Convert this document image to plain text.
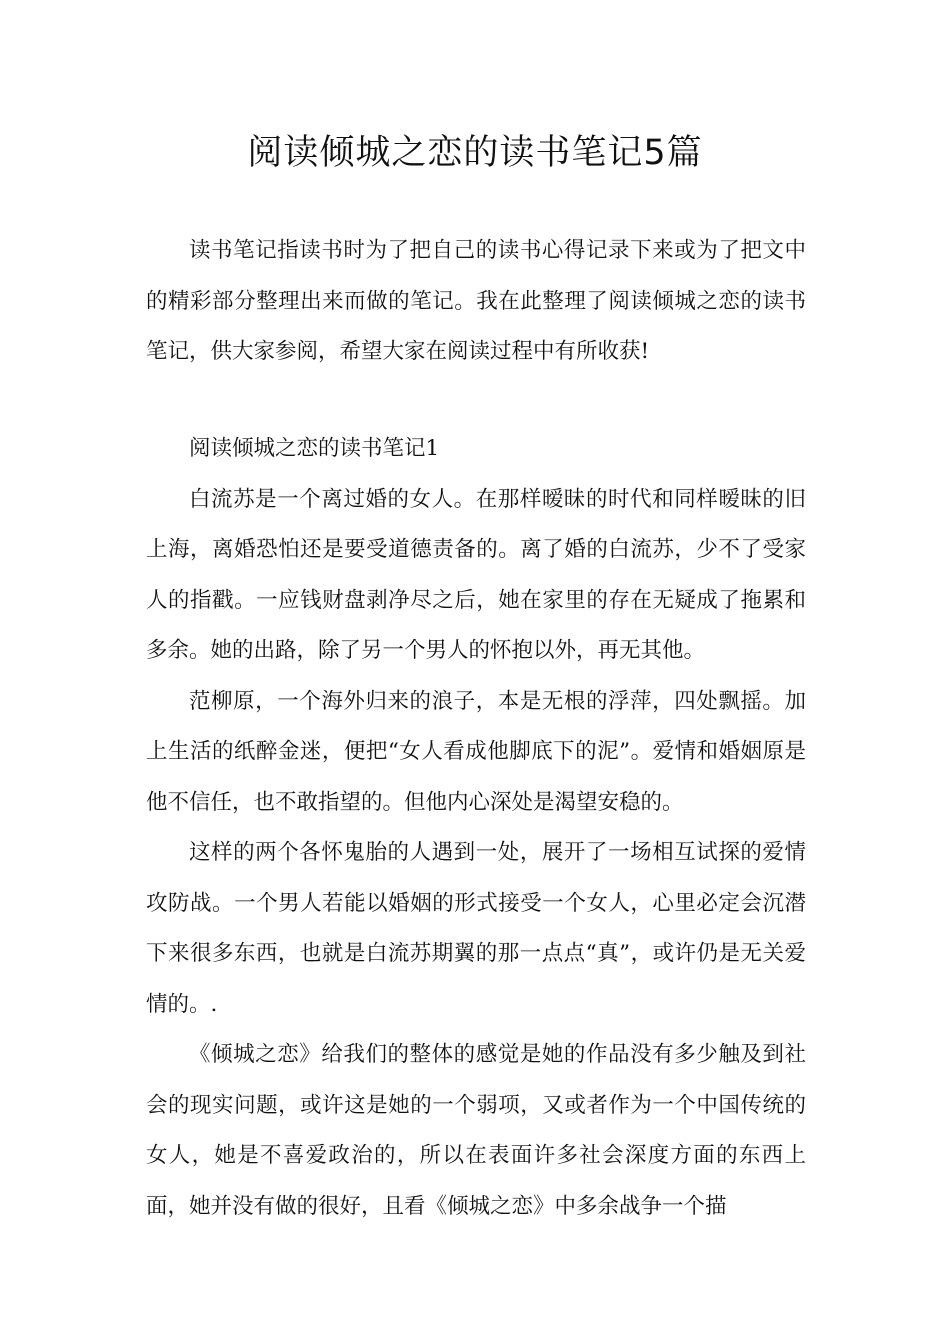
阅读倾城之恋的读书笔记5篇

读书笔记指读书时为了把自己的读书心得记录下来或为了把文中的精彩部分整理出来而做的笔记。我在此整理了阅读倾城之恋的读书笔记，供大家参阅，希望大家在阅读过程中有所收获!

阅读倾城之恋的读书笔记1

白流苏是一个离过婚的女人。在那样暧昧的时代和同样暧昧的旧上海，离婚恐怕还是要受道德责备的。离了婚的白流苏，少不了受家人的指戳。一应钱财盘剥净尽之后，她在家里的存在无疑成了拖累和多余。她的出路，除了另一个男人的怀抱以外，再无其他。

范柳原，一个海外归来的浪子，本是无根的浮萍，四处飘摇。加上生活的纸醉金迷，便把“女人看成他脚底下的泥”。爱情和婚姻原是他不信任，也不敢指望的。但他内心深处是渴望安稳的。

这样的两个各怀鬼胎的人遇到一处，展开了一场相互试探的爱情攻防战。一个男人若能以婚姻的形式接受一个女人，心里必定会沉潜下来很多东西，也就是白流苏期翼的那一点点“真”，或许仍是无关爱情的。.

《倾城之恋》给我们的整体的感觉是她的作品没有多少触及到社会的现实问题，或许这是她的一个弱项，又或者作为一个中国传统的女人，她是不喜爱政治的，所以在表面许多社会深度方面的东西上面，她并没有做的很好，且看《倾城之恋》中多余战争一个描
